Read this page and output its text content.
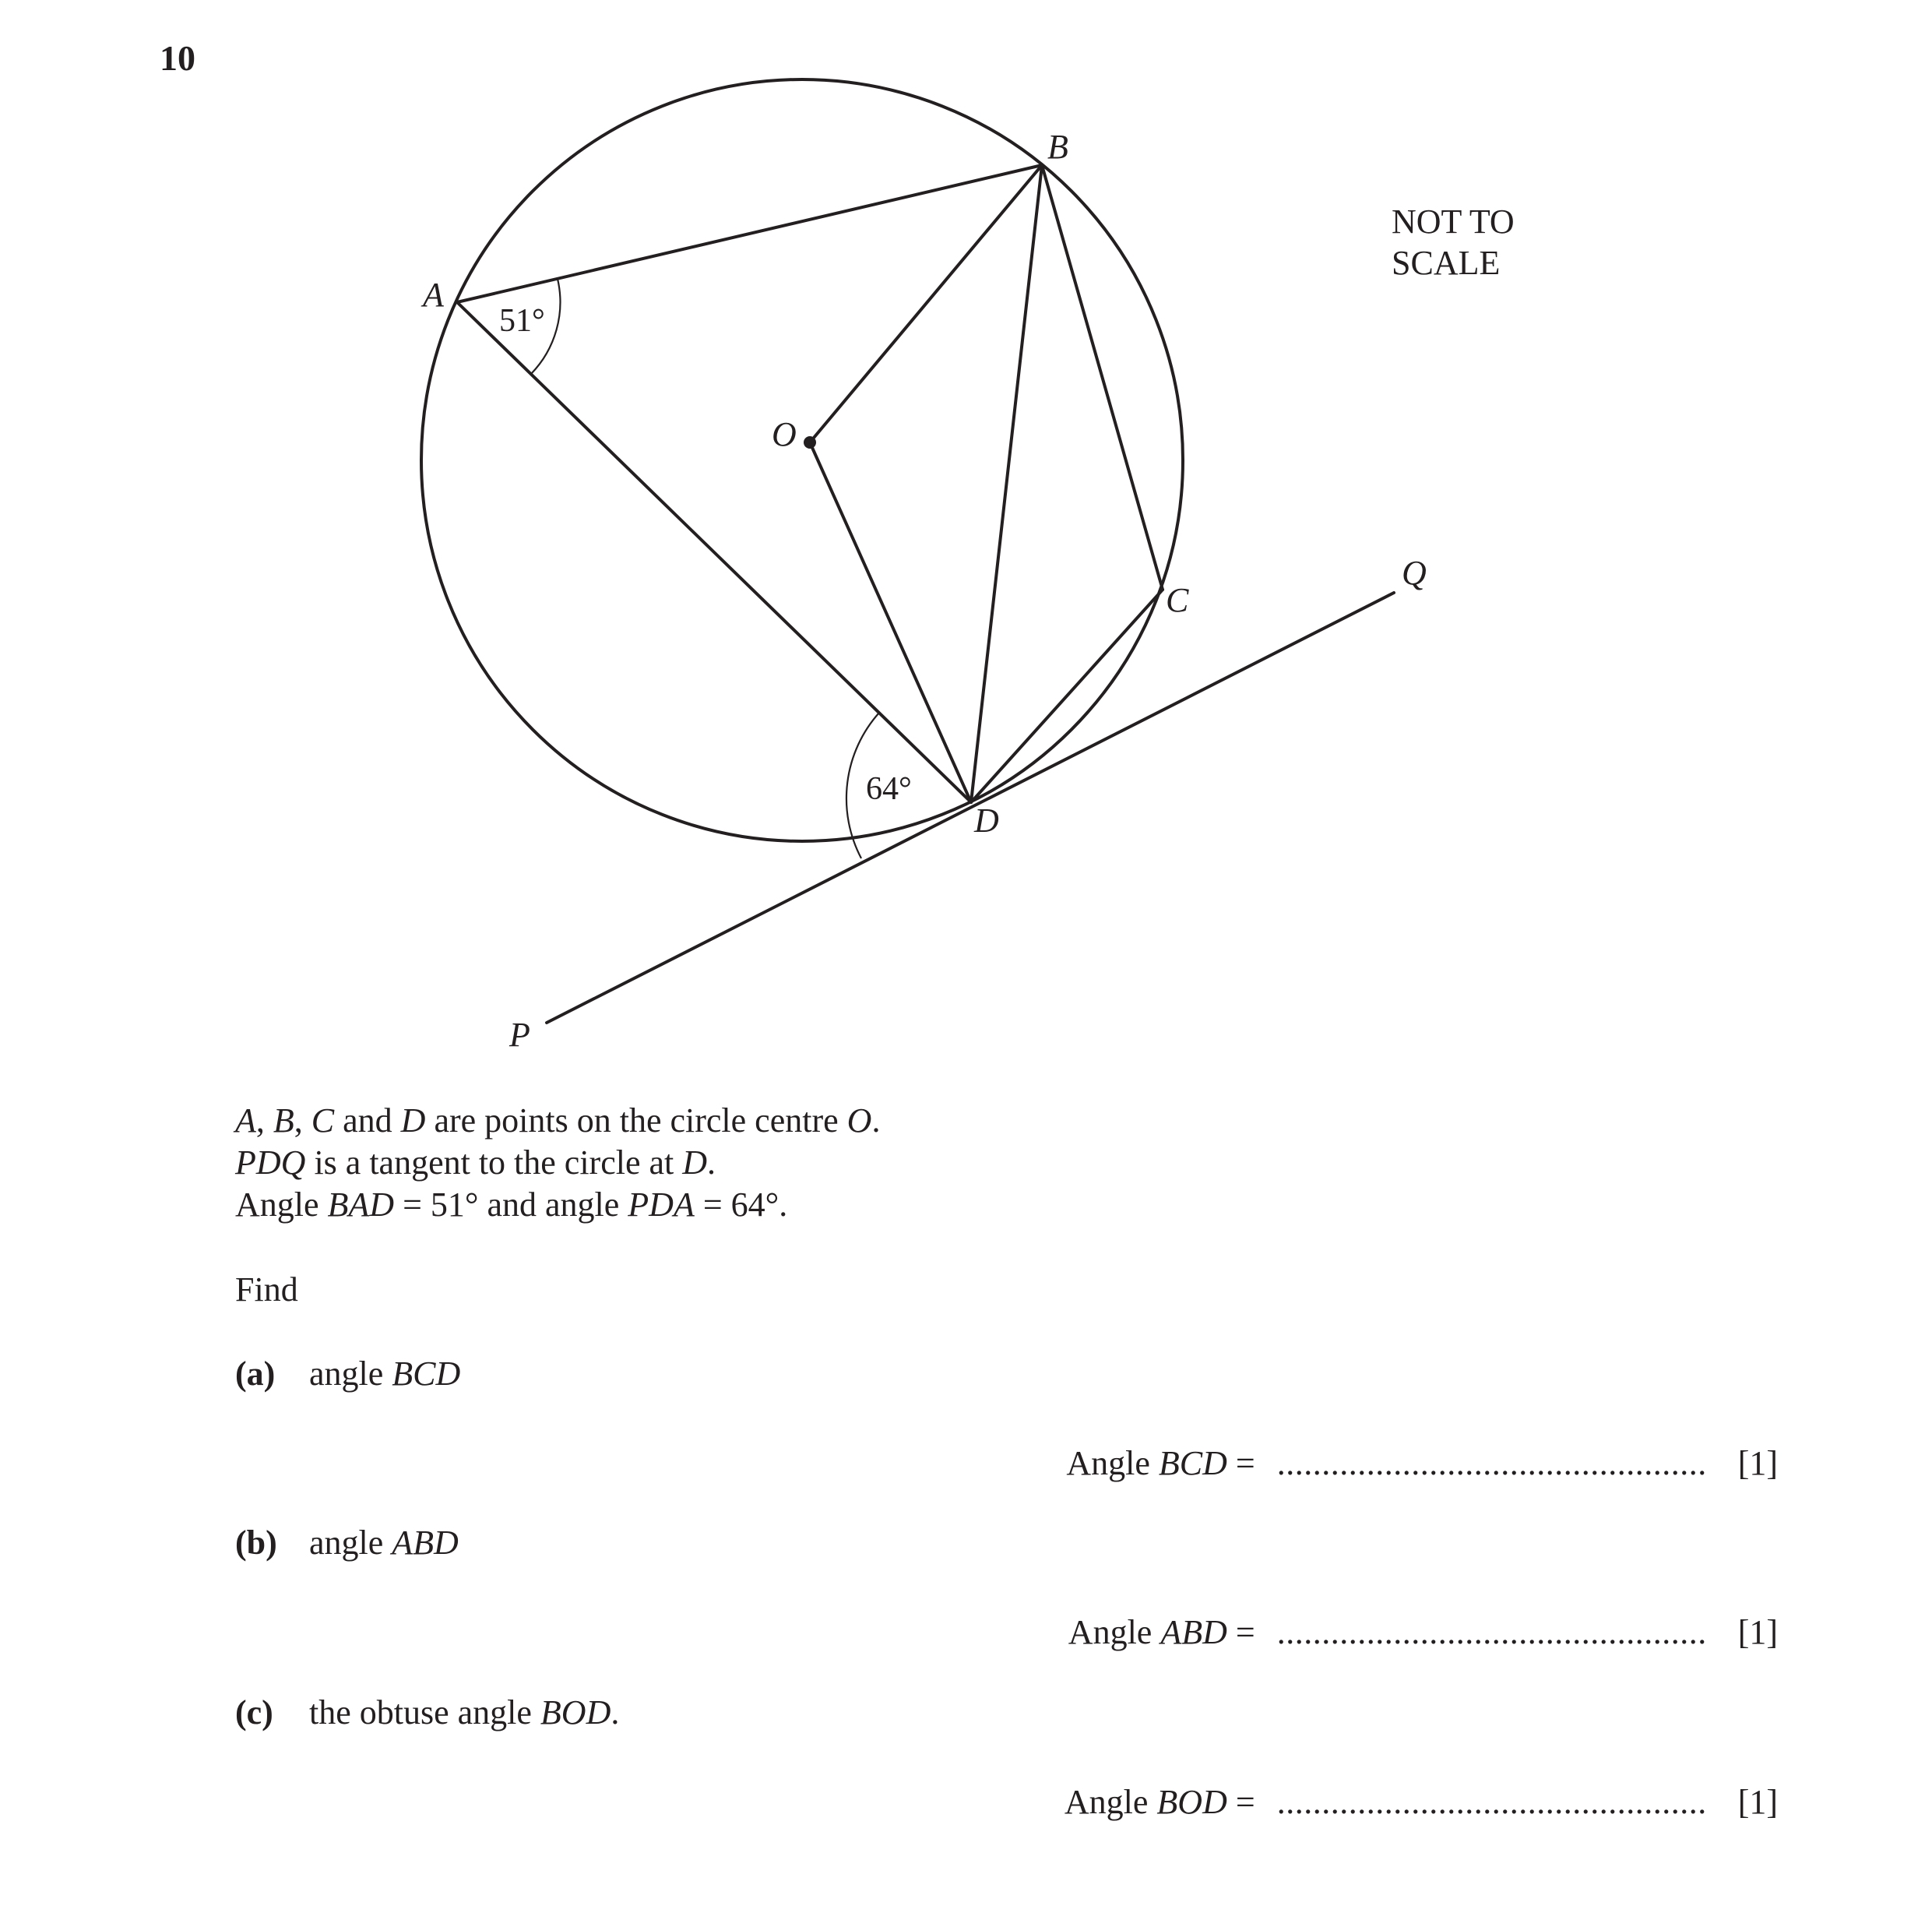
10
A
B
C
D
O
P
Q
51°
64°
NOT TO
SCALE
A, B, C and D are points on the circle centre O.
PDQ is a tangent to the circle at D.
Angle BAD = 51° and angle PDA = 64°.
Find
(a) angle BCD
Angle BCD = ................................................ [1]
(b) angle ABD
Angle ABD = ................................................ [1]
(c) the obtuse angle BOD.
Angle BOD = ................................................ [1]
